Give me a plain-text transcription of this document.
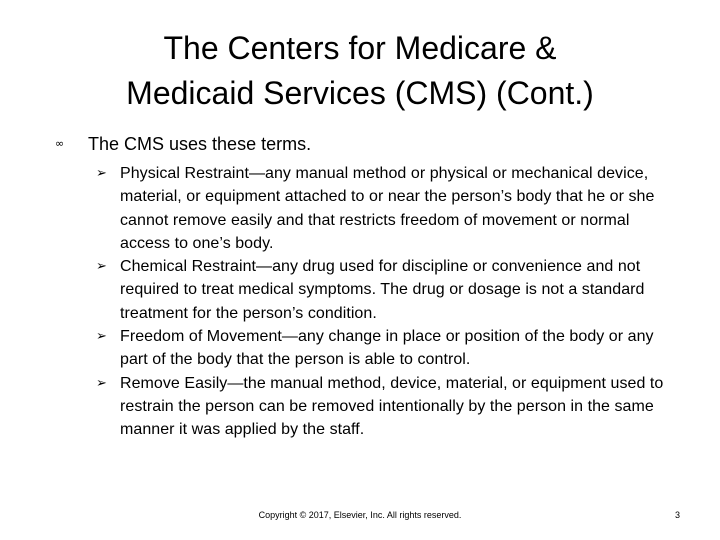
The Centers for Medicare &
Medicaid Services (CMS) (Cont.)
∞ The CMS uses these terms.
➢ Physical Restraint—any manual method or physical or mechanical device, material, or equipment attached to or near the person’s body that he or she cannot remove easily and that restricts freedom of movement or normal access to one’s body.
➢ Chemical Restraint—any drug used for discipline or convenience and not required to treat medical symptoms. The drug or dosage is not a standard treatment for the person’s condition.
➢ Freedom of Movement—any change in place or position of the body or any part of the body that the person is able to control.
➢ Remove Easily—the manual method, device, material, or equipment used to restrain the person can be removed intentionally by the person in the same manner it was applied by the staff.
Copyright © 2017, Elsevier, Inc. All rights reserved.	3
